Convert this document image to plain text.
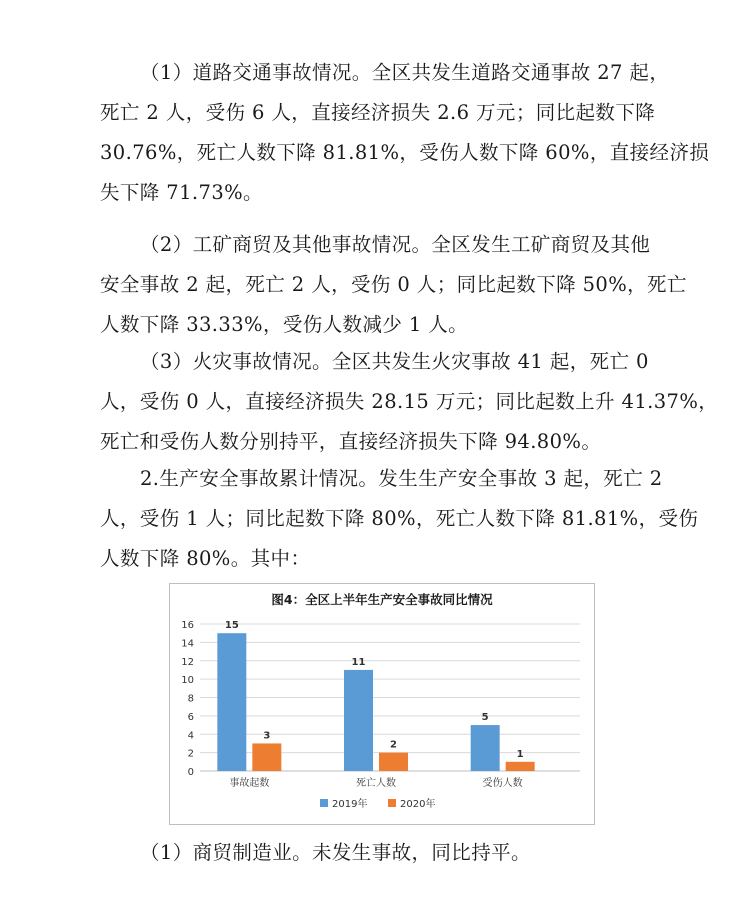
（1）道路交通事故情况。全区共发生道路交通事故 27 起，
死亡 2 人，受伤 6 人，直接经济损失 2.6 万元；同比起数下降
30.76%，死亡人数下降 81.81%，受伤人数下降 60%，直接经济损
失下降 71.73%。
（2）工矿商贸及其他事故情况。全区发生工矿商贸及其他
安全事故 2 起，死亡 2 人，受伤 0 人；同比起数下降 50%，死亡
人数下降 33.33%，受伤人数减少 1 人。
（3）火灾事故情况。全区共发生火灾事故 41 起，死亡 0
人，受伤 0 人，直接经济损失 28.15 万元；同比起数上升 41.37%，
死亡和受伤人数分别持平，直接经济损失下降 94.80%。
2.生产安全事故累计情况。发生生产安全事故 3 起，死亡 2
人，受伤 1 人；同比起数下降 80%，死亡人数下降 81.81%，受伤
人数下降 80%。其中：
（1）商贸制造业。未发生事故，同比持平。
图4：全区上半年生产安全事故同比情况
0
2
4
6
8
10
12
14
16	15
3
事故起数
11
2
死亡人数
5
1
受伤人数
2019年	2020年
